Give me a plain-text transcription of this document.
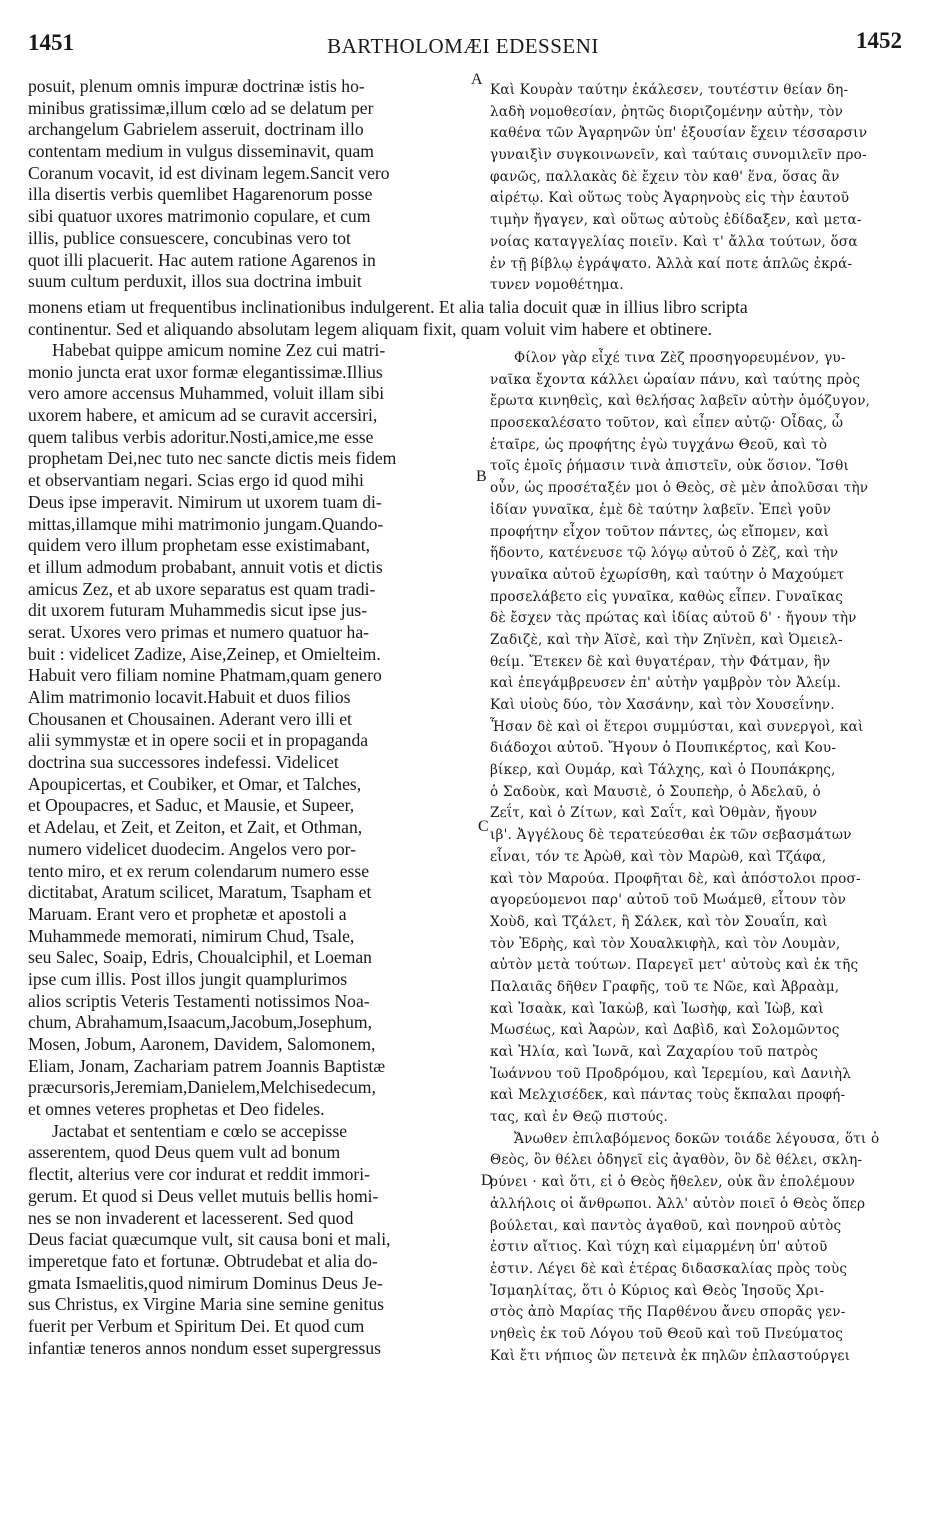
1451	BARTHOLOMÆI EDESSENI	1452
A
B
C
D
posuit, plenum omnis impuræ doctrinæ istis ho-
minibus gratissimæ,illum cœlo ad se delatum per
archangelum Gabrielem asseruit, doctrinam illo
contentam medium in vulgus disseminavit, quam
Coranum vocavit, id est divinam legem.Sancit vero
illa disertis verbis quemlibet Hagarenorum posse
sibi quatuor uxores matrimonio copulare, et cum
illis, publice consuescere, concubinas vero tot
quot illi placuerit. Hac autem ratione Agarenos in
suum cultum perduxit, illos sua doctrina imbuit
Καὶ Κουρὰν ταύτην ἐκάλεσεν, τουτέστιν θείαν δη-
λαδὴ νομοθεσίαν, ῥητῶς διοριζομένην αὐτὴν, τὸν
καθένα τῶν Ἀγαρηνῶν ὑπ' ἐξουσίαν ἔχειν τέσσαρσιν
γυναιξὶν συγκοινωνεῖν, καὶ ταύταις συνομιλεῖν προ-
φανῶς, παλλακὰς δὲ ἔχειν τὸν καθ' ἕνα, ὅσας ἂν
αἱρέτῳ. Καὶ οὕτως τοὺς Ἀγαρηνοὺς εἰς τὴν ἑαυτοῦ
τιμὴν ἤγαγεν, καὶ οὕτως αὐτοὺς ἐδίδαξεν, καὶ μετα-
νοίας καταγγελίας ποιεῖν. Καὶ τ' ἄλλα τούτων, ὅσα
ἐν τῇ βίβλῳ ἐγράψατο. Ἀλλὰ καί ποτε ἁπλῶς ἐκρά-
τυνεν νομοθέτημα.
monens etiam ut frequentibus inclinationibus indulgerent. Et alia talia docuit quæ in illius libro scripta
continentur. Sed et aliquando absolutam legem aliquam fixit, quam voluit vim habere et obtinere.
Habebat quippe amicum nomine Zez cui matri-
monio juncta erat uxor formæ elegantissimæ.Illius
vero amore accensus Muhammed, voluit illam sibi
uxorem habere, et amicum ad se curavit accersiri,
quem talibus verbis adoritur.Nosti,amice,me esse
prophetam Dei,nec tuto nec sancte dictis meis fidem
et observantiam negari. Scias ergo id quod mihi
Deus ipse imperavit. Nimirum ut uxorem tuam di-
mittas,illamque mihi matrimonio jungam.Quando-
quidem vero illum prophetam esse existimabant,
et illum admodum probabant, annuit votis et dictis
amicus Zez, et ab uxore separatus est quam tradi-
dit uxorem futuram Muhammedis sicut ipse jus-
serat. Uxores vero primas et numero quatuor ha-
buit : videlicet Zadize, Aise,Zeinep, et Omielteim.
Habuit vero filiam nomine Phatmam,quam genero
Alim matrimonio locavit.Habuit et duos filios
Chousanen et Chousainen. Aderant vero illi et
alii symmystæ et in opere socii et in propaganda
doctrina sua successores indefessi. Videlicet
Apoupicertas, et Coubiker, et Omar, et Talches,
et Opoupacres, et Saduc, et Mausie, et Supeer,
et Adelau, et Zeit, et Zeiton, et Zait, et Othman,
numero videlicet duodecim. Angelos vero por-
tento miro, et ex rerum colendarum numero esse
dictitabat, Aratum scilicet, Maratum, Tsapham et
Maruam. Erant vero et prophetæ et apostoli a
Muhammede memorati, nimirum Chud, Tsale,
seu Salec, Soaip, Edris, Choualciphil, et Loeman
ipse cum illis. Post illos jungit quamplurimos
alios scriptis Veteris Testamenti notissimos Noa-
chum, Abrahamum,Isaacum,Jacobum,Josephum,
Mosen, Jobum, Aaronem, Davidem, Salomonem,
Eliam, Jonam, Zachariam patrem Joannis Baptistæ
præcursoris,Jeremiam,Danielem,Melchisedecum,
et omnes veteres prophetas et Deo fideles.
Jactabat et sententiam e cœlo se accepisse
asserentem, quod Deus quem vult ad bonum
flectit, alterius vere cor indurat et reddit immori-
gerum. Et quod si Deus vellet mutuis bellis homi-
nes se non invaderent et lacesserent. Sed quod
Deus faciat quæcumque vult, sit causa boni et mali,
imperetque fato et fortunæ. Obtrudebat et alia do-
gmata Ismaelitis,quod nimirum Dominus Deus Je-
sus Christus, ex Virgine Maria sine semine genitus
fuerit per Verbum et Spiritum Dei. Et quod cum
infantiæ teneros annos nondum esset supergressus
Φίλον γὰρ εἶχέ τινα Ζὲζ προσηγορευμένον, γυ-
ναῖκα ἔχοντα κάλλει ὡραίαν πάνυ, καὶ ταύτης πρὸς
ἔρωτα κινηθεὶς, καὶ θελήσας λαβεῖν αὐτὴν ὁμόζυγον,
προσεκαλέσατο τοῦτον, καὶ εἶπεν αὐτῷ· Οἶδας, ὦ
ἑταῖρε, ὡς προφήτης ἐγὼ τυγχάνω Θεοῦ, καὶ τὸ
τοῖς ἐμοῖς ῥήμασιν τινὰ ἀπιστεῖν, οὐκ ὅσιον. Ἴσθι
οὖν, ὡς προσέταξέν μοι ὁ Θεὸς, σὲ μὲν ἀπολῦσαι τὴν
ἰδίαν γυναῖκα, ἐμὲ δὲ ταύτην λαβεῖν. Ἐπεὶ γοῦν
προφήτην εἶχον τοῦτον πάντες, ὡς εἴπομεν, καὶ
ἥδοντο, κατένευσε τῷ λόγῳ αὐτοῦ ὁ Ζὲζ, καὶ τὴν
γυναῖκα αὐτοῦ ἐχωρίσθη, καὶ ταύτην ὁ Μαχούμετ
προσελάβετο εἰς γυναῖκα, καθὼς εἶπεν. Γυναῖκας
δὲ ἔσχεν τὰς πρώτας καὶ ἰδίας αὐτοῦ δ' · ἤγουν τὴν
Ζαδιζὲ, καὶ τὴν Ἀϊσὲ, καὶ τὴν Ζηϊνὲπ, καὶ Ὀμειελ-
θείμ. Ἔτεκεν δὲ καὶ θυγατέραν, τὴν Φάτμαν, ἣν
καὶ ἐπεγάμβρευσεν ἐπ' αὐτὴν γαμβρὸν τὸν Ἀλείμ.
Καὶ υἱοὺς δύο, τὸν Χασάνην, καὶ τὸν Χουσεΐνην.
Ἦσαν δὲ καὶ οἱ ἕτεροι συμμύσται, καὶ συνεργοὶ, καὶ
διάδοχοι αὐτοῦ. Ἤγουν ὁ Πουπικέρτος, καὶ Κου-
βίκερ, καὶ Ουμάρ, καὶ Τάλχης, καὶ ὁ Πουπάκρης,
ὁ Σαδοὺκ, καὶ Μαυσιὲ, ὁ Σουπεὴρ, ὁ Ἀδελαῦ, ὁ
Ζεΐτ, καὶ ὁ Ζίτων, καὶ Σαΐτ, καὶ Ὀθμὰν, ἤγουν
ιβ'. Ἀγγέλους δὲ τερατεύεσθαι ἐκ τῶν σεβασμάτων
εἶναι, τόν τε Ἀρὼθ, καὶ τὸν Μαρὼθ, καὶ Τζάφα,
καὶ τὸν Μαρούα. Προφῆται δὲ, καὶ ἀπόστολοι προσ-
αγορεύομενοι παρ' αὐτοῦ τοῦ Μωάμεθ, εἶτουν τὸν
Χοὺδ, καὶ Τζάλετ, ἢ Σάλεκ, καὶ τὸν Σουαΐπ, καὶ
τὸν Ἐδρὴς, καὶ τὸν Χουαλκιφὴλ, καὶ τὸν Λουμὰν,
αὐτὸν μετὰ τούτων. Παρεγεῖ μετ' αὐτοὺς καὶ ἐκ τῆς
Παλαιᾶς δῆθεν Γραφῆς, τοῦ τε Νῶε, καὶ Ἀβραὰμ,
καὶ Ἰσαὰκ, καὶ Ἰακὼβ, καὶ Ἰωσὴφ, καὶ Ἰὼβ, καὶ
Μωσέως, καὶ Ἀαρὼν, καὶ Δαβὶδ, καὶ Σολομῶντος
καὶ Ἠλία, καὶ Ἰωνᾶ, καὶ Ζαχαρίου τοῦ πατρὸς
Ἰωάννου τοῦ Προδρόμου, καὶ Ἰερεμίου, καὶ Δανιὴλ
καὶ Μελχισέδεκ, καὶ πάντας τοὺς ἔκπαλαι προφή-
τας, καὶ ἐν Θεῷ πιστούς.
Ἄνωθεν ἐπιλαβόμενος δοκῶν τοιάδε λέγουσα, ὅτι ὁ
Θεὸς, ὃν θέλει ὁδηγεῖ εἰς ἀγαθὸν, ὃν δὲ θέλει, σκλη-
ρύνει · καὶ ὅτι, εἰ ὁ Θεὸς ἤθελεν, οὐκ ἂν ἐπολέμουν
ἀλλήλοις οἱ ἄνθρωποι. Ἀλλ' αὐτὸν ποιεῖ ὁ Θεὸς ὅπερ
βούλεται, καὶ παντὸς ἀγαθοῦ, καὶ πονηροῦ αὐτὸς
ἐστιν αἴτιος. Καὶ τύχη καὶ εἱμαρμένη ὑπ' αὐτοῦ
ἐστιν. Λέγει δὲ καὶ ἑτέρας διδασκαλίας πρὸς τοὺς
Ἰσμαηλίτας, ὅτι ὁ Κύριος καὶ Θεὸς Ἰησοῦς Χρι-
στὸς ἀπὸ Μαρίας τῆς Παρθένου ἄνευ σπορᾶς γεν-
νηθεὶς ἐκ τοῦ Λόγου τοῦ Θεοῦ καὶ τοῦ Πνεύματος
Καὶ ἔτι νήπιος ὢν πετεινὰ ἐκ πηλῶν ἐπλαστούργει
